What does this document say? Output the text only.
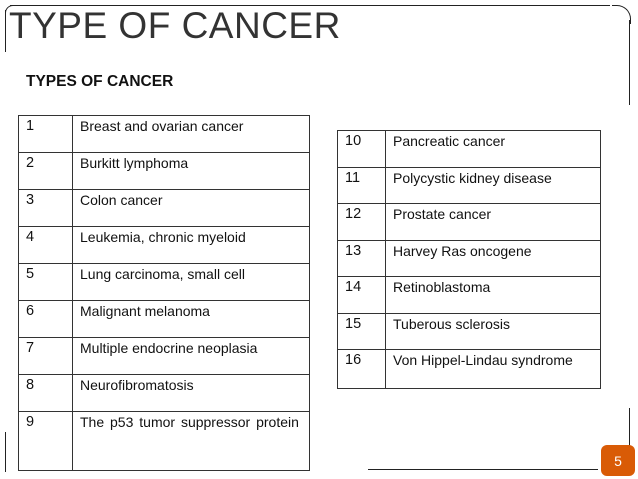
TYPE OF CANCER
TYPES OF CANCER
1	Breast and ovarian cancer
2	Burkitt lymphoma
3	Colon cancer
4	Leukemia, chronic myeloid
5	Lung carcinoma, small cell
6	Malignant melanoma
7	Multiple endocrine neoplasia
8	Neurofibromatosis
9	The p53 tumor suppressor protein
10	Pancreatic cancer
11	Polycystic kidney disease
12	Prostate cancer
13	Harvey Ras oncogene
14	Retinoblastoma
15	Tuberous sclerosis
16	Von Hippel-Lindau syndrome
5
